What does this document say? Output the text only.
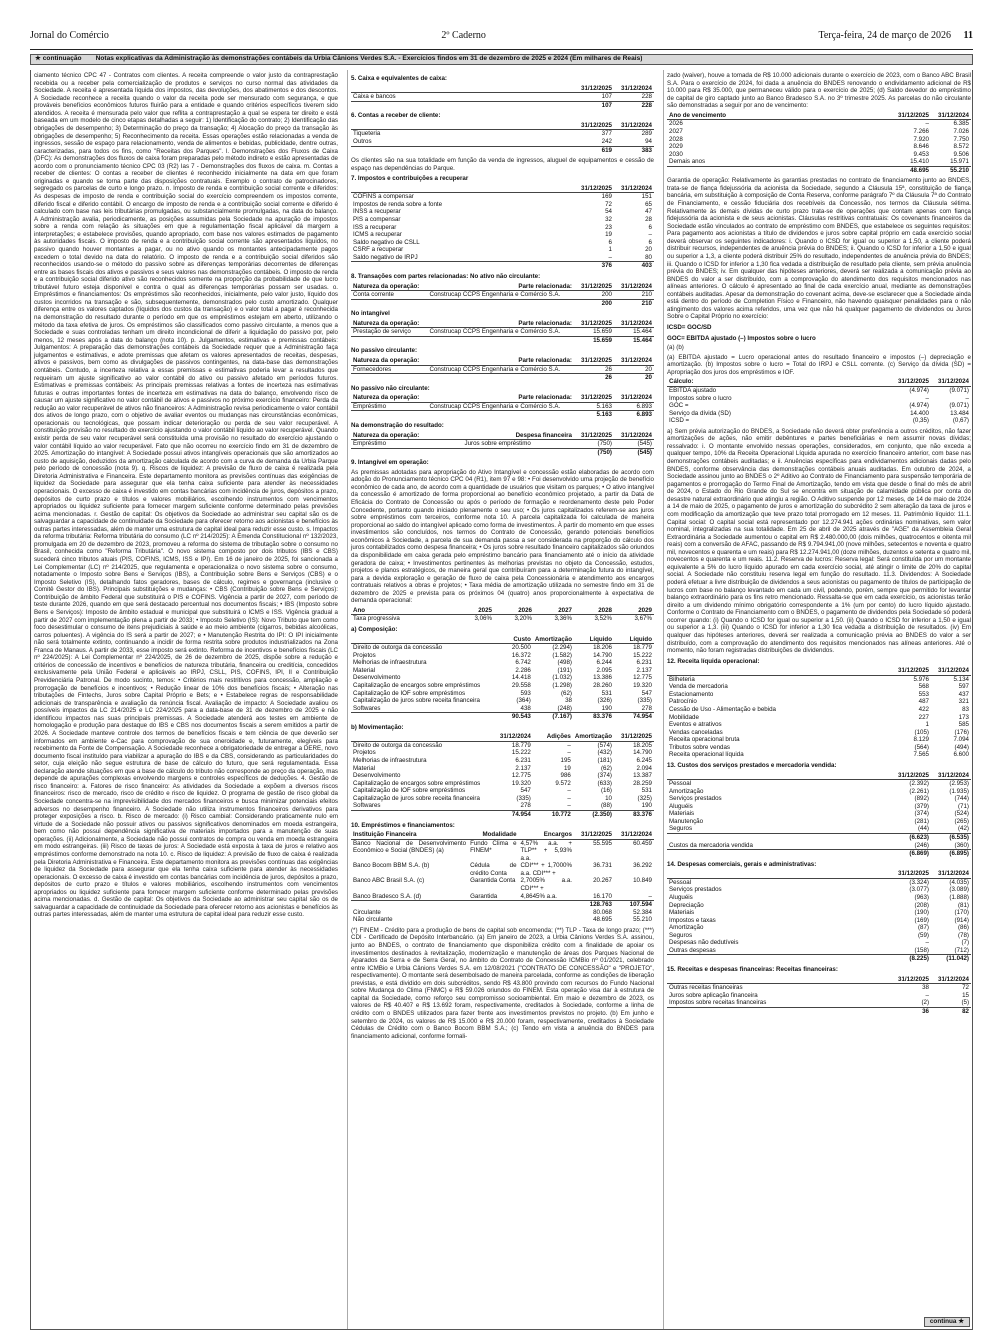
Jornal do Comércio	2º Caderno	Terça-feira, 24 de março de 2026 11
★ continuação Notas explicativas da Administração às demonstrações contábeis da Urbia Cânions Verdes S.A. - Exercícios findos em 31 de dezembro de 2025 e 2024 (Em milhares de Reais)

ciamento técnico CPC 47 - Contratos com clientes. A receita compreende o valor justo da contraprestação recebida ou a receber pela comercialização de produtos e serviços no curso normal das atividades da Sociedade. A receita é apresentada líquida dos impostos, das devoluções, dos abatimentos e dos descontos. A Sociedade reconhece a receita quando o valor da receita pode ser mensurado com segurança, e que prováveis benefícios econômicos futuros fluirão para a entidade e quando critérios específicos tiverem sido atendidos. A receita é mensurada pelo valor que reflita a contraprestação a qual se espera ter direito e está baseada em um modelo de cinco etapas detalhadas a seguir: 1) Identificação do contrato; 2) Identificação das obrigações de desempenho; 3) Determinação do preço da transação; 4) Alocação do preço da transação às obrigações de desempenho; 5) Reconhecimento da receita. Essas operações estão relacionadas a venda de ingressos, sessão de espaço para relacionamento, venda de alimentos e bebidas, publicidade, dentre outras, caracterizadas, para todos os fins, como "Receitas dos Parques". l. Demonstrações dos Fluxos de Caixa (DFC): As demonstrações dos fluxos de caixa foram preparadas pelo método indireto e estão apresentadas de acordo com o pronunciamento técnico CPC 03 (R2) Ias 7 - Demonstrações dos fluxos de caixa. m. Contas a receber de clientes: O contas a receber de clientes é reconhecido inicialmente na data em que foram originadas e quando se torna parte das disposições contratuais. Exemplo o contrato de patrocinadores, segregado os parcelas de curto e longo prazo. n. Imposto de renda e contribuição social corrente e diferidos: As despesas de imposto de renda e contribuição social do exercício compreendem os impostos corrente, diferido fiscal e diferido contábil. O encargo de imposto de renda e a contribuição social corrente e diferido é calculado com base nas leis tributárias promulgadas, ou substancialmente promulgadas, na data do balanço. A Administração avalia, periodicamente, as posições assumidas pela Sociedade na apuração de impostos sobre a renda com relação às situações em que a regulamentação fiscal aplicável dá margem a interpretações; e estabelece provisões, quando apropriado, com base nos valores estimados de pagamento às autoridades fiscais. O imposto de renda e a contribuição social corrente são apresentados líquidos, no passivo quando houver montantes a pagar, ou no ativo quando os montantes antecipadamente pagos excedem o total devido na data do relatório. O imposto de renda e a contribuição social diferidos são reconhecidos usando-se o método do passivo sobre as diferenças temporárias decorrentes de diferenças entre as bases fiscais dos ativos e passivos e seus valores nas demonstrações contábeis. O imposto de renda e a contribuição social diferido ativo são reconhecidos somente na proporção da probabilidade de que lucro tributável futuro esteja disponível e contra o qual as diferenças temporárias possam ser usadas. o. Empréstimos e financiamentos: Os empréstimos são reconhecidos, inicialmente, pelo valor justo, líquido dos custos incorridos na transação e são, subsequentemente, demonstrados pelo custo amortizado. Qualquer diferença entre os valores captados (líquidos dos custos da transação) e o valor total a pagar é reconhecida na demonstração do resultado durante o período em que os empréstimos estejam em aberto, utilizando o método da taxa efetiva de juros. Os empréstimos são classificados como passivo circulante, a menos que a Sociedade e suas controladas tenham um direito incondicional de diferir a liquidação do passivo por, pelo menos, 12 meses após a data do balanço (nota 10). p. Julgamentos, estimativas e premissas contábeis: Julgamentos: A preparação das demonstrações contábeis da Sociedade requer que a Administração faça julgamentos e estimativas, e adote premissas que afetam os valores apresentados de receitas, despesas, ativos e passivos, bem como as divulgações de passivos contingentes, na data-base das demonstrações contábeis. Contudo, a incerteza relativa a essas premissas e estimativas poderia levar a resultados que requeiram um ajuste significativo ao valor contábil do ativo ou passivo afetado em períodos futuros. Estimativas e premissas contábeis: As principais premissas relativas a fontes de incerteza nas estimativas futuras e outras importantes fontes de incerteza em estimativas na data do balanço, envolvendo risco de causar um ajuste significativo no valor contábil de ativos e passivos no próximo exercício financeiro: Perda da redução ao valor recuperável de ativos não financeiros: A Administração revisa periodicamente o valor contábil dos ativos de longo prazo, com o objetivo de avaliar eventos ou mudanças nas circunstâncias econômicas, operacionais ou tecnológicas, que possam indicar deterioração ou perda de seu valor recuperável. A constituição provisão no resultado do exercício ajustando o valor contábil líquido ao valor recuperável. Quando existir perda de seu valor recuperável será constituída uma provisão no resultado do exercício ajustando o valor contábil líquido ao valor recuperável. Fato que não ocorreu no exercício findo em 31 de dezembro de 2025. Amortização do intangível: A Sociedade possui ativos intangíveis operacionais que são amortizados ao custo de aquisição, deduzidos da amortização calculada de acordo com a curva de demanda da Urbia Parque pelo período de concessão (nota 9). q. Riscos de liquidez: A previsão de fluxo de caixa é realizada pela Diretoria Administrativa e Financeira. Este departamento monitora as previsões contínuas das exigências de liquidez da Sociedade para assegurar que ela tenha caixa suficiente para atender às necessidades operacionais. O excesso de caixa é investido em contas bancárias com incidência de juros, depósitos a prazo, depósitos de curto prazo e títulos e valores mobiliários, escolhendo instrumentos com vencimentos apropriados ou liquidez suficiente para fornecer margem suficiente conforme determinado pelas previsões acima mencionadas. r. Gestão de capital: Os objetivos da Sociedade ao administrar seu capital são os de salvaguardar a capacidade de continuidade da Sociedade para oferecer retorno aos acionistas e benefícios às outras partes interessadas, além de manter uma estrutura de capital ideal para reduzir esse custo. s. Impactos da reforma tributária: Reforma tributária do consumo (LC nº 214/2025): A Emenda Constitucional nº 132/2023, promulgada em 20 de dezembro de 2023, promoveu a reforma do sistema de tributação sobre o consumo no Brasil, conhecida como "Reforma Tributária". O novo sistema composto por dois tributos (IBS e CBS) sucederá cinco tributos atuais (PIS, COFINS, ICMS, ISS e IPI). Em 16 de janeiro de 2025, foi sancionada a Lei Complementar (LC) nº 214/2025, que regulamenta e operacionaliza o novo sistema sobre o consumo, notadamente o Imposto sobre Bens e Serviços (IBS), a Contribuição sobre Bens e Serviços (CBS) e o Imposto Seletivo (IS), detalhando fatos geradores, bases de cálculo, regimes e governança (inclusive o Comitê Gestor do IBS). Principais substituições e mudanças: • CBS (Contribuição sobre Bens e Serviços): Contribuição de âmbito Federal que substituirá o PIS e COFINS. Vigência a partir de 2027, com período de teste durante 2026, quando em que será destacado percentual nos documentos fiscais; • IBS (Imposto sobre Bens e Serviços): Imposto de âmbito estadual e municipal que substituirá o ICMS e ISS. Vigência gradual a partir de 2027 com implementação plena a partir de 2033; • Imposto Seletivo (IS): Novo Tributo que tem como foco desestimular o consumo de itens prejudiciais à saúde e ao meio ambiente (cigarros, bebidas alcoólicas, carros poluentes). A vigência do IS será a partir de 2027; e • Manutenção Restrita do IPI: O IPI inicialmente não será totalmente extinto, continuando a incidir de forma restrita sobre produtos industrializados na Zona Franca de Manaus. A partir de 2033, esse imposto será extinto. Reforma de incentivos e benefícios fiscais (LC nº 224/2025): A Lei Complementar nº 224/2025, de 26 de dezembro de 2025, dispõe sobre a redução e critérios de concessão de incentivos e benefícios de natureza tributária, financeira ou creditícia, concedidos exclusivamente pela União Federal e aplicáveis ao IRPJ, CSLL, PIS, COFINS, IPI, II e Contribuição Previdenciária Patronal. De modo sucinto, temos: • Critérios mais restritivos para concessão, ampliação e prorrogação de benefícios e incentivos; • Redução linear de 10% dos benefícios fiscais; • Alteração nas tributações de Fintechs, Juros sobre Capital Próprio e Bets; e • Estabelece regras de responsabilidade adicionais de transparência e avaliação da renúncia fiscal. Avaliação de impacto: A Sociedade avaliou os possíveis impactos da LC 214/2025 e LC 224/2025 para a data-base de 31 de dezembro de 2025 e não identificou impactos nas suas principais premissas. A Sociedade atenderá aos testes em ambiente de homologação e produção para destaque do IBS e CBS nos documentos fiscais a serem emitidos a partir de 2026. A Sociedade manteve controle dos termos de benefícios fiscais e tem ciência de que deverão ser informados em ambiente e-Cac para comprovação de sua oneroidade e, futuramente, elegíveis para recebimento da Fonte de Compensação. A Sociedade reconhece a obrigatoriedade de entregar a DERE, novo documento fiscal instituído para viabilizar a apuração do IBS e da CBS, considerando as particularidades do setor, cuja eleição não segue estrutura de base de cálculo do futuro, que será regulamentada. Essa declaração atende situações em que a base de cálculo do tributo não corresponde ao preço da operação, mas depende de apurações complexas envolvendo margens e controles específicos de deduções. 4. Gestão de risco financeiro: a. Fatores de risco financeiro: As atividades da Sociedade a expõem a diversos riscos financeiros: risco de mercado, risco de crédito e risco de liquidez. O programa de gestão de risco global da Sociedade concentra-se na imprevisibilidade dos mercados financeiros e busca minimizar potenciais efeitos adversos no desempenho financeiro. A Sociedade não utiliza instrumentos financeiros derivativos para proteger exposições a risco. b. Risco de mercado: (i) Risco cambial: Considerando praticamente nulo em virtude de a Sociedade não possuir ativos ou passivos significativos denominados em moeda estrangeira, bem como não possui dependência significativa de materiais importados para a manutenção de suas operações. (ii) Adicionalmente, a Sociedade não possui contratos de compra ou venda em moeda estrangeira em modo estrangeiras. (iii) Risco de taxas de juros: A Sociedade está exposta à taxa de juros e relativo aos empréstimos conforme demonstrado na nota 10. c. Risco de liquidez: A previsão de fluxo de caixa é realizada pela Diretoria Administrativa e Financeira. Este departamento monitora as previsões contínuas das exigências de liquidez da Sociedade para assegurar que ela tenha caixa suficiente para atender às necessidades operacionais. O excesso de caixa é investido em contas bancárias com incidência de juros, depósitos a prazo, depósitos de curto prazo e títulos e valores mobiliários, escolhendo instrumentos com vencimentos apropriados ou liquidez suficiente para fornecer margem suficiente conforme determinado pelas previsões acima mencionadas. d. Gestão de capital: Os objetivos da Sociedade ao administrar seu capital são os de salvaguardar a capacidade de continuidade da Sociedade para oferecer retorno aos acionistas e benefícios às outras partes interessadas, além de manter uma estrutura de capital ideal para reduzir esse custo.

5. Caixa e equivalentes de caixa:

	31/12/2025	31/12/2024
Caixa e bancos	107	228
	107	228

6. Contas a receber de cliente:

	31/12/2025	31/12/2024
Tiqueteria	377	289
Outros	242	94
	619	383

Os clientes são na sua totalidade em função da venda de ingressos, aluguel de equipamentos e cessão de espaço nas dependências do Parque.

7. Impostos e contribuições a recuperar

	31/12/2025	31/12/2024
COFINS a compensar	169	151
Impostos de renda sobre a fonte	72	65
INSS a recuperar	54	47
PIS a compensar	32	28
ISS a recuperar	23	6
ICMS a recuperar	19	–
Saldo negativo de CSLL	6	6
CSRF a recuperar	1	20
Saldo negativo de IRPJ	–	80
	376	403

8. Transações com partes relacionadas: No ativo não circulante:

Natureza da operação:	Parte relacionada:	31/12/2025	31/12/2024
Conta corrente	Construcap CCPS Engenharia e Comércio S.A.	200	210
		200	210

No intangível

Natureza da operação:	Parte relacionada:	31/12/2025	31/12/2024
Prestação de serviço	Construcap CCPS Engenharia e Comércio S.A.	15.659	15.464
		15.659	15.464

No passivo circulante:

Natureza da operação:	Parte relacionada:	31/12/2025	31/12/2024
Fornecedores	Construcap CCPS Engenharia e Comércio S.A.	26	20
		26	20

No passivo não circulante:

Natureza da operação:	Parte relacionada:	31/12/2025	31/12/2024
Empréstimo	Construcap CCPS Engenharia e Comércio S.A.	5.163	6.893
		5.163	6.893

Na demonstração do resultado:

Natureza da operação:	Despesa financeira	31/12/2025	31/12/2024
Empréstimo	Juros sobre empréstimo	(750)	(545)
		(750)	(545)

9. Intangível em operação:

As premissas adotadas para apropriação do Ativo Intangível e concessão estão elaboradas de acordo com adoção do Pronunciamento técnico CPC 04 (R1), item 97 e 98: • Foi desenvolvido uma projeção de benefício econômico de cada ano, de acordo com a quantidade de usuários que visitam os parques; • O ativo intangível da concessão é amortizado de forma proporcional ao benefício econômico projetado, a partir da Data de Eficácia do Contrato de Concessão ou após o período de formação e reordenamento deste pelo Poder Concedente, portanto quando iniciado plenamente o seu uso; • Os juros capitalizados referem-se aos juros sobre empréstimos com terceiros, conforme nota 10. A parcela capitalizada foi calculada de maneira proporcional ao saldo do intangível aplicado como forma de investimentos. À partir do momento em que esses investimentos são concluídos, nos termos do Contrato de Concessão, gerando potenciais benefícios econômicos à Sociedade, a parcela de sua demanda passa a ser considerada na proporção do cálculo dos juros contabilizados como despesa financeira; • Os juros sobre resultado financeiro capitalizados são oriundos da disponibilidade em caixa gerada pelo empréstimo bancário para financiamento até o início da atividade geradora de caixa; • Investimentos pertinentes às melhorias previstas no objeto da Concessão, estudos, projetos e planos estratégicos, de maneira geral que contribuíram para a determinação futura do intangível, para a devida exploração e geração de fluxo de caixa pela Concessionária e atendimento aos encargos contratuais relativos a obras e projetos; • Taxa média de amortização utilizada no semestre findo em 31 de dezembro de 2025 e prevista para os próximos 04 (quatro) anos proporcionalmente à expectativa de demanda operacional:

Ano	2025	2026	2027	2028	2029
Taxa progressiva	3,06%	3,20%	3,36%	3,52%	3,67%

a) Composição:

	Custo	Amortização	Líquido	Líquido
Direito de outorga da concessão	20.500	(2.294)	18.206	18.779
Projetos	16.372	(1.582)	14.790	15.222
Melhorias de infraestrutura	6.742	(498)	6.244	6.231
Material	2.286	(191)	2.095	2.137
Desenvolvimento	14.418	(1.032)	13.386	12.775
Capitalização de encargos sobre empréstimos	29.558	(1.298)	28.260	19.320
Capitalização de IOF sobre empréstimos	593	(62)	531	547
Capitalização de juros sobre receita financeira	(364)	38	(326)	(335)
Softwares	438	(248)	190	278
	90.543	(7.167)	83.376	74.954

b) Movimentação:

	31/12/2024	Adições	Amortização	31/12/2025
Direito de outorga da concessão	18.779	–	(574)	18.205
Projetos	15.222	–	(432)	14.790
Melhorias de infraestrutura	6.231	195	(181)	6.245
Material	2.137	19	(62)	2.094
Desenvolvimento	12.775	986	(374)	13.387
Capitalização de encargos sobre empréstimos	19.320	9.572	(633)	28.259
Capitalização de IOF sobre empréstimos	547	–	(16)	531
Capitalização de juros sobre receita financeira	(335)	–	10	(325)
Softwares	278	–	(88)	190
	74.954	10.772	(2.350)	83.376

10. Empréstimos e financiamentos:

Instituição Financeira	Modalidade	Encargos	31/12/2025	31/12/2024
Banco Nacional de Desenvolvimento Econômico e Social (BNDES) (a)	Fundo Clima e FINEM*	4,57% a.a. + TLP** + 5,93% a.a.	55.595	60.459
Banco Bocom BBM S.A. (b)	Cédula de crédito Conta	CDI*** + 1,7000% a.a. CDI*** +	36.731	36.292
Banco ABC Brasil S.A. (c)	Garantida Conta	2,7005% a.a. CDI*** +	20.267	10.849
Banco Bradesco S.A. (d)	Garantida	4,8645% a.a.	16.170	–
			128.763	107.594
Circulante			80.068	52.384
Não circulante			48.695	55.210

(*) FINEM - Crédito para a produção de bens de capital sob encomenda; (**) TLP - Taxa de longo prazo; (***) CDI - Certificado de Depósito Interbancário. (a) Em janeiro de 2023, a Urbia Cânions Verdes S.A. assinou, junto ao BNDES, o contrato de financiamento que disponibiliza crédito com a finalidade de apoiar os investimentos destinados à revitalização, modernização e manutenção de áreas dos Parques Nacional de Aparados da Serra e de Serra Geral, no âmbito do Contrato de Concessão ICMBio nº 01/2021, celebrado entre ICMBio e Urbia Cânions Verdes S.A. em 12/08/2021 ("CONTRATO DE CONCESSÃO" e "PROJETO", respectivamente). O montante será desembolsado de maneira parcelada, conforme as condições de liberação previstas, e está dividido em dois subcréditos, sendo R$ 43.800 provindo com recursos do Fundo Nacional sobre Mudança do Clima (FNMC) e R$ 59.026 oriundos do FINEM. Esta operação visa dar à estrutura de capital da Sociedade, como reforço seu compromisso socioambiental. Em maio e dezembro de 2023, os valores de R$ 40.407 e R$ 13.692 foram, respectivamente, creditados à Sociedade, conforme a linha de crédito com o BNDES utilizados para fazer frente aos investimentos previstos no projeto. (b) Em junho e setembro de 2024, os valores de R$ 15.000 e R$ 20.000 foram, respectivamente, creditados à Sociedade Cédulas de Crédito com o Banco Bocom BBM S.A.; (c) Tendo em vista a anuência do BNDES para financiamento adicional, conforme formali-

zado (waiver), houve a tomada de R$ 10.000 adicionais durante o exercício de 2023, com o Banco ABC Brasil S.A. Para o exercício de 2024, foi dada a anuência do BNDES renovando o endividamento adicional de R$ 10.000 para R$ 35.000, que permaneceu válido para o exercício de 2025; (d) Saldo devedor do empréstimo de capital de giro captado junto ao Banco Bradesco S.A. no 3º trimestre 2025. As parcelas do não circulante são demonstradas a seguir por ano de vencimento:

Ano de vencimento	31/12/2025	31/12/2024
2026	–	6.385
2027	7.266	7.026
2028	7.920	7.750
2029	8.646	8.572
2030	9.453	9.506
Demais anos	15.410	15.971
	48.695	55.210

Garantia de operação: Relativamente às garantias prestadas no contrato de financiamento junto ao BNDES, trata-se de fiança fidejussória da acionista da Sociedade, segundo a Cláusula 15ª, constituição de fiança bancária, em substituição à composição de Conta Reserva, conforme parágrafo 7º da Cláusula 7ª do Contrato de Financiamento, e cessão fiduciária dos recebíveis da Concessão, nos termos da Cláusula sétima. Relativamente às demais dívidas de curto prazo trata-se de operações que contam apenas com fiança fidejussória da acionista e de seus acionistas. Cláusulas restritivas contratuais: Os covenants financeiros da Sociedade estão vinculados ao contrato de empréstimo com BNDES, que estabelece os seguintes requisitos: Para pagamento aos acionistas a título de dividendos e juros sobre capital próprio em cada exercício social deverá observar os seguintes indicadores: i. Quando o ICSD for igual ou superior a 1,50, a cliente poderá distribuir recursos, independentes de anuência prévia do BNDES; ii. Quando o ICSD for inferior a 1,50 e igual ou superior a 1,3, a cliente poderá distribuir 25% do resultado, independentes de anuência prévia do BNDES; iii. Quando o ICSD for inferior a 1,30 fica vedada a distribuição de resultado pela cliente, sem prévia anuência prévia do BNDES; iv. Em qualquer das hipóteses anteriores, deverá ser realizada a comunicação prévia ao BNDES do valor a ser distribuído, com a comprovação do atendimento dos requisitos mencionados nas alíneas anteriores. O cálculo é apresentado ao final de cada exercício anual, mediante as demonstrações contábeis auditadas. Apesar da demonstração do covenant acima, deve-se esclarecer que a Sociedade ainda está dentro do período de Completion Físico e Financeiro, não havendo quaisquer penalidades para o não atingimento dos valores acima referidos, uma vez que não há qualquer pagamento de dividendos ou Juros Sobre o Capital Próprio no exercício:

ICSD= GOC/SD

GOC= EBITDA ajustado (–) Impostos sobre o lucro

(a) (b)

(a) EBITDA ajustado = Lucro operacional antes do resultado financeiro e impostos (–) depreciação e amortização. (b) Impostos sobre o lucro = Total do IRPJ e CSLL corrente. (c) Serviço da dívida (SD) = Apropriação dos juros dos empréstimos e IOF.

Cálculo:	31/12/2025	31/12/2024
EBITDA ajustado	(4.974)	(9.071)
Impostos sobre o lucro	–	–
GOC =	(4.974)	(9.071)
Serviço da dívida (SD)	14.400	13.484
ICSD =	(0,35)	(0,67)

a) Sem prévia autorização do BNDES, a Sociedade não deverá obter preferência a outros créditos, não fazer amortizações de ações, não emitir debêntures e partes beneficiárias e nem assumir novas dívidas; ressalvado: i. O montante envolvido nessas operações, considerados, em conjunto, que não exceda a qualquer tempo, 10% da Receita Operacional Líquida apurada no exercício financeiro anterior, com base nas demonstrações contábeis auditadas; e ii. Anuências específicas para endividamentos adicionais dadas pelo BNDES, conforme observância das demonstrações contábeis anuais auditadas. Em outubro de 2024, a Sociedade assinou junto ao BNDES o 2º Aditivo ao Contrato de Financiamento para suspensão temporária de pagamentos e prorrogação do Termo Final de Amortização, tendo em vista que desde o final do mês de abril de 2024, o Estado do Rio Grande do Sul se encontra em situação de calamidade pública por conta do desastre natural extraordinário que atingiu a região. O Aditivo suspende por 12 meses, de 14 de maio de 2024 a 14 de maio de 2025, o pagamento de juros e amortização do subcrédito 2 sem alteração da taxa de juros e com modificação da amortização que teve prazo total prorrogado em 12 meses. 11. Patrimônio líquido: 11.1. Capital social: O capital social está representado por 12.274.941 ações ordinárias nominativas, sem valor nominal, integralizadas na sua totalidade. Em 25 de abril de 2025 através de "AGE" da Assembleia Geral Extraordinária a Sociedade aumentou o capital em R$ 2.480.000,00 (dois milhões, quatrocentos e oitenta mil reais) com a conversão de AFAC, passando de R$ 9.794.941,00 (nove milhões, setecentos e noventa e quatro mil, novecentos e quarenta e um reais) para R$ 12.274.941,00 (doze milhões, duzentos e setenta e quatro mil, novecentos e quarenta e um reais. 11.2. Reserva de lucros: Reserva legal: Será constituída por um montante equivalente a 5% do lucro líquido apurado em cada exercício social, até atingir o limite de 20% do capital social. A Sociedade não constituiu reserva legal em função do resultado. 11.3. Dividendos: A Sociedade poderá efetuar a livre distribuição de dividendos a seus acionistas ou pagamento de títulos de participação de lucros com base no balanço levantado em cada um civil, podendo, porém, sempre que permitido for levantar balanço extraordinário para os fins retro mencionado. Ressalta-se que em cada exercício, os acionistas terão direito a um dividendo mínimo obrigatório correspondente a 1% (um por cento) do lucro líquido ajustado. Conforme o Contrato de Financiamento com o BNDES, o pagamento de dividendos pela Sociedade só poderá ocorrer quando: (i) Quando o ICSD for igual ou superior a 1,50. (ii) Quando o ICSD for inferior a 1,50 e igual ou superior a 1,3. (iii) Quando o ICSD for inferior a 1,30 fica vedada a distribuição de resultados. (iv) Em qualquer das hipóteses anteriores, deverá ser realizada a comunicação prévia ao BNDES do valor a ser distribuído, com a comprovação do atendimento dos requisitos mencionados nas alíneas anteriores. Até o momento, não foram registradas distribuições de dividendos.

12. Receita líquida operacional:

	31/12/2025	31/12/2024
Bilheteria	5.976	5.134
Venda de mercadoria	568	597
Estacionamento	553	437
Patrocínio	487	321
Cessão de Uso - Alimentação e bebida	422	83
Mobilidade	227	173
Eventos e atrativos	1	585
Vendas canceladas	(105)	(176)
Receita operacional bruta	8.129	7.094
Tributos sobre vendas	(564)	(494)
Receita operacional líquida	7.565	6.600

13. Custos dos serviços prestados e mercadoria vendida:

	31/12/2025	31/12/2024
Pessoal	(2.392)	(2.953)
Amortização	(2.261)	(1.935)
Serviços prestados	(892)	(744)
Aluguéis	(379)	(71)
Materiais	(374)	(524)
Manutenção	(281)	(265)
Seguros	(44)	(42)
	(6.623)	(6.535)
Custos da mercadoria vendida	(246)	(360)
	(6.869)	(6.895)

14. Despesas comerciais, gerais e administrativas:

	31/12/2025	31/12/2024
Pessoal	(3.324)	(4.035)
Serviços prestados	(3.077)	(3.089)
Aluguéis	(963)	(1.888)
Depreciação	(208)	(81)
Materiais	(190)	(170)
Impostos e taxas	(169)	(914)
Amortização	(87)	(86)
Seguros	(59)	(78)
Despesas não dedutíveis	–	(7)
Outras despesas	(158)	(712)
	(8.225)	(11.042)

15. Receitas e despesas financeiras: Receitas financeiras:

	31/12/2025	31/12/2024
Outras receitas financeiras	38	72
Juros sobre aplicação financeira	–	15
Impostos sobre receitas financeiras	(2)	(5)
	36	82
continua ★
